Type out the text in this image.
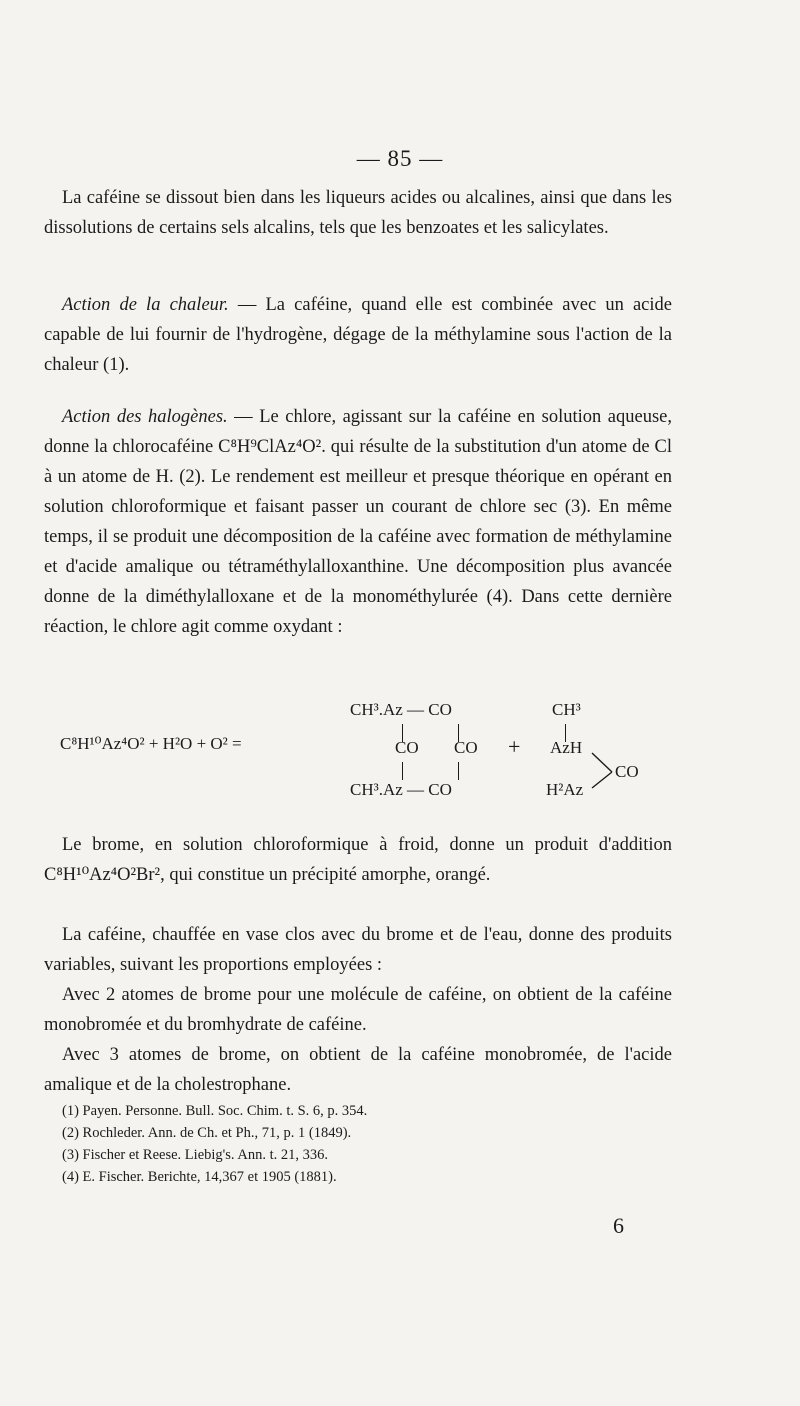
— 85 —

La caféine se dissout bien dans les liqueurs acides ou alcalines, ainsi que dans les dissolutions de certains sels alcalins, tels que les benzoates et les salicylates.

Action de la chaleur. — La caféine, quand elle est combinée avec un acide capable de lui fournir de l'hydrogène, dégage de la méthylamine sous l'action de la chaleur (1).

Action des halogènes. — Le chlore, agissant sur la caféine en solution aqueuse, donne la chlorocaféine C⁸H⁹ClAz⁴O². qui résulte de la substitution d'un atome de Cl à un atome de H. (2). Le rendement est meilleur et presque théorique en opérant en solution chloroformique et faisant passer un courant de chlore sec (3). En même temps, il se produit une décomposition de la caféine avec formation de méthylamine et d'acide amalique ou tétraméthylalloxanthine. Une décomposition plus avancée donne de la diméthylalloxane et de la monométhylurée (4). Dans cette dernière réaction, le chlore agit comme oxydant :

C⁸H¹⁰Az⁴O² + H²O + O² =
CH³.Az — CO
CO CO
CH³.Az — CO
+
CH³
AzH
CO
H²Az

Le brome, en solution chloroformique à froid, donne un produit d'addition C⁸H¹⁰Az⁴O²Br², qui constitue un précipité amorphe, orangé.

La caféine, chauffée en vase clos avec du brome et de l'eau, donne des produits variables, suivant les proportions employées :

Avec 2 atomes de brome pour une molécule de caféine, on obtient de la caféine monobromée et du bromhydrate de caféine.

Avec 3 atomes de brome, on obtient de la caféine monobromée, de l'acide amalique et de la cholestrophane.

(1) Payen. Personne. Bull. Soc. Chim. t. S. 6, p. 354.
(2) Rochleder. Ann. de Ch. et Ph., 71, p. 1 (1849).
(3) Fischer et Reese. Liebig's. Ann. t. 21, 336.
(4) E. Fischer. Berichte, 14,367 et 1905 (1881).
6
